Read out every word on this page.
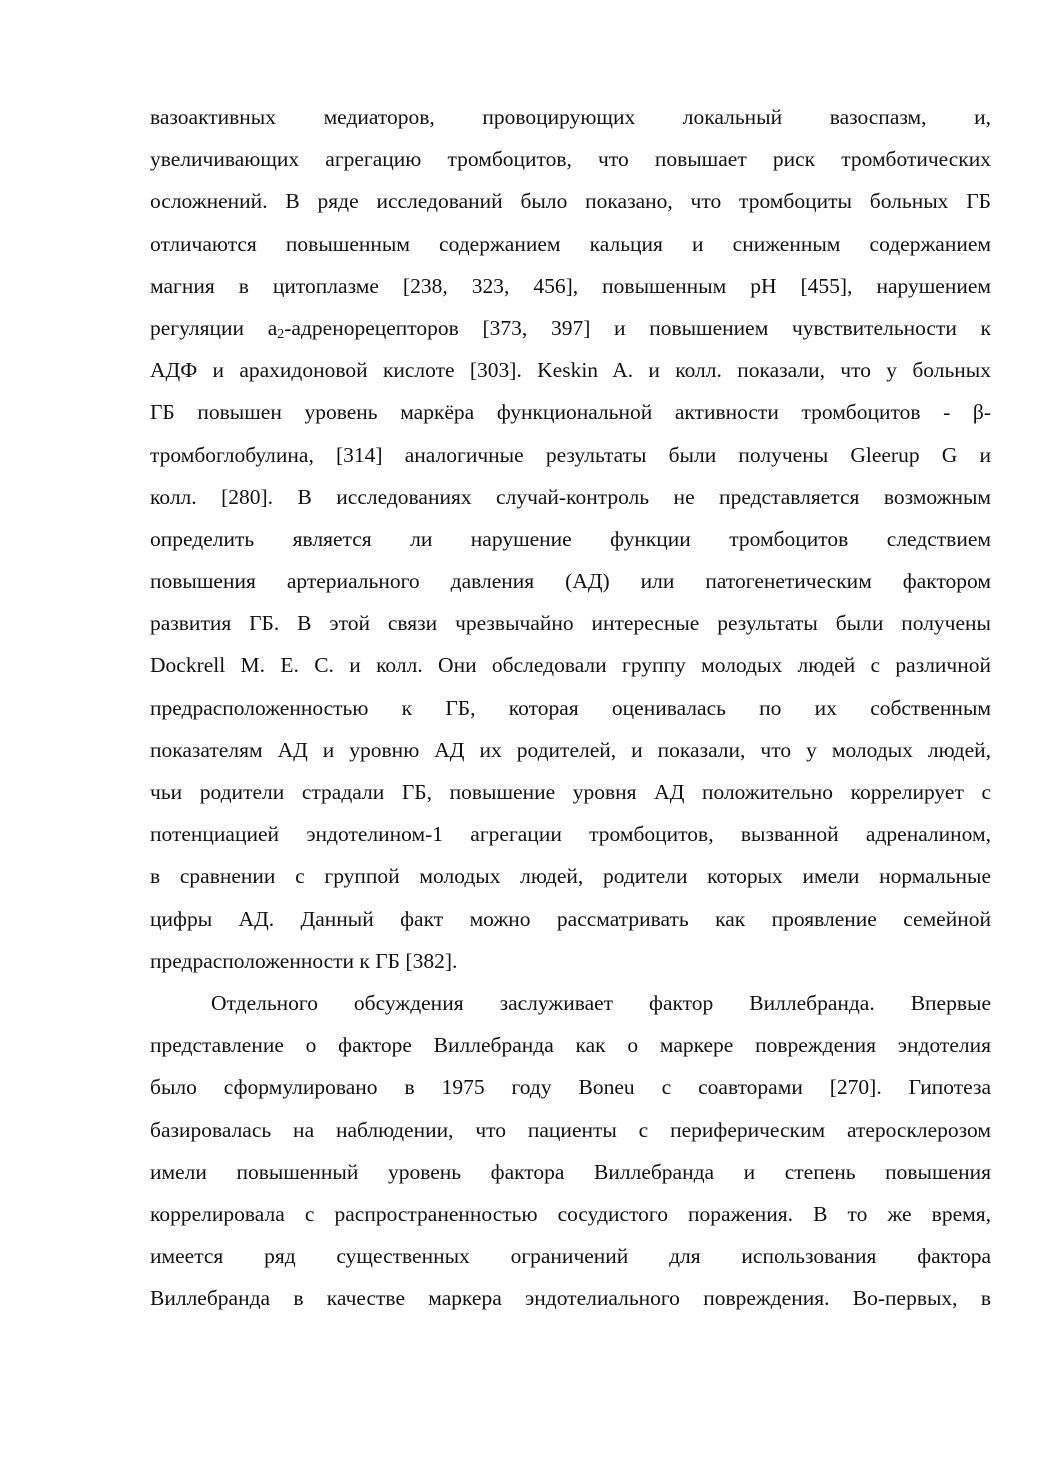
вазоактивных медиаторов, провоцирующих локальный вазоспазм, и,
увеличивающих агрегацию тромбоцитов, что повышает риск тромботических
осложнений. В ряде исследований было показано, что тромбоциты больных ГБ
отличаются повышенным содержанием кальция и сниженным содержанием
магния в цитоплазме [238, 323, 456], повышенным pH [455], нарушением
регуляции $a_2$-адренорецепторов [373, 397] и повышением чувствительности к
АДФ и арахидоновой кислоте [303]. Keskin A. и колл. показали, что у больных
ГБ повышен уровень маркёра функциональной активности тромбоцитов - β-
тромбоглобулина, [314] аналогичные результаты были получены Gleerup G и
колл. [280]. В исследованиях случай-контроль не представляется возможным
определить является ли нарушение функции тромбоцитов следствием
повышения артериального давления (АД) или патогенетическим фактором
развития ГБ. В этой связи чрезвычайно интересные результаты были получены
Dockrell M. E. C. и колл. Они обследовали группу молодых людей с различной
предрасположенностью к ГБ, которая оценивалась по их собственным
показателям АД и уровню АД их родителей, и показали, что у молодых людей,
чьи родители страдали ГБ, повышение уровня АД положительно коррелирует с
потенциацией эндотелином-1 агрегации тромбоцитов, вызванной адреналином,
в сравнении с группой молодых людей, родители которых имели нормальные
цифры АД. Данный факт можно рассматривать как проявление семейной
предрасположенности к ГБ [382].
Отдельного обсуждения заслуживает фактор Виллебранда. Впервые
представление о факторе Виллебранда как о маркере повреждения эндотелия
было сформулировано в 1975 году Boneu с соавторами [270]. Гипотеза
базировалась на наблюдении, что пациенты с периферическим атеросклерозом
имели повышенный уровень фактора Виллебранда и степень повышения
коррелировала с распространенностью сосудистого поражения. В то же время,
имеется ряд существенных ограничений для использования фактора
Виллебранда в качестве маркера эндотелиального повреждения. Во-первых, в
